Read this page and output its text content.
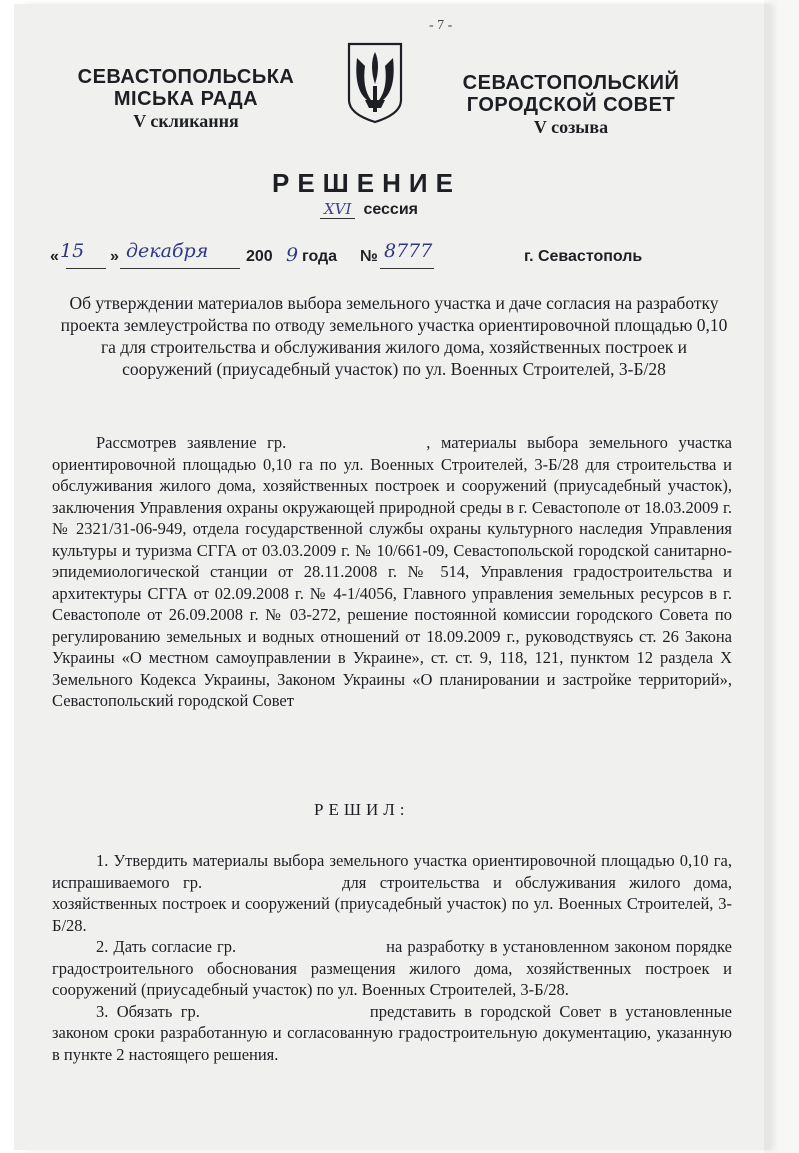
- 7 -
СЕВАСТОПОЛЬСЬКА МІСЬКА РАДА
V скликання
СЕВАСТОПОЛЬСКИЙ ГОРОДСКОЙ СОВЕТ
V созыва
РЕШЕНИЕ
XVI сессия
« 15 » декабря 200 9 года № 8777	г. Севастополь
Об утверждении материалов выбора земельного участка и даче согласия на разработку проекта землеустройства по отводу земельного участка ориентировочной площадью 0,10 га для строительства и обслуживания жилого дома, хозяйственных построек и сооружений (приусадебный участок) по ул. Военных Строителей, 3-Б/28
Рассмотрев заявление гр.	, материалы выбора земельного участка ориентировочной площадью 0,10 га по ул. Военных Строителей, 3-Б/28 для строительства и обслуживания жилого дома, хозяйственных построек и сооружений (приусадебный участок), заключения Управления охраны окружающей природной среды в г. Севастополе от 18.03.2009 г. № 2321/31-06-949, отдела государственной службы охраны культурного наследия Управления культуры и туризма СГГА от 03.03.2009 г. № 10/661-09, Севастопольской городской санитарно-эпидемиологической станции от 28.11.2008 г. № 514, Управления градостроительства и архитектуры СГГА от 02.09.2008 г. № 4-1/4056, Главного управления земельных ресурсов в г. Севастополе от 26.09.2008 г. № 03-272, решение постоянной комиссии городского Совета по регулированию земельных и водных отношений от 18.09.2009 г., руководствуясь ст. 26 Закона Украины «О местном самоуправлении в Украине», ст. ст. 9, 118, 121, пунктом 12 раздела X Земельного Кодекса Украины, Законом Украины «О планировании и застройке территорий», Севастопольский городской Совет
РЕШИЛ:
1. Утвердить материалы выбора земельного участка ориентировочной площадью 0,10 га, испрашиваемого гр.	для строительства и обслуживания жилого дома, хозяйственных построек и сооружений (приусадебный участок) по ул. Военных Строителей, 3-Б/28.
2. Дать согласие гр.	на разработку в установленном законом порядке градостроительного обоснования размещения жилого дома, хозяйственных построек и сооружений (приусадебный участок) по ул. Военных Строителей, 3-Б/28.
3. Обязать гр.	представить в городской Совет в установленные законом сроки разработанную и согласованную градостроительную документацию, указанную в пункте 2 настоящего решения.
